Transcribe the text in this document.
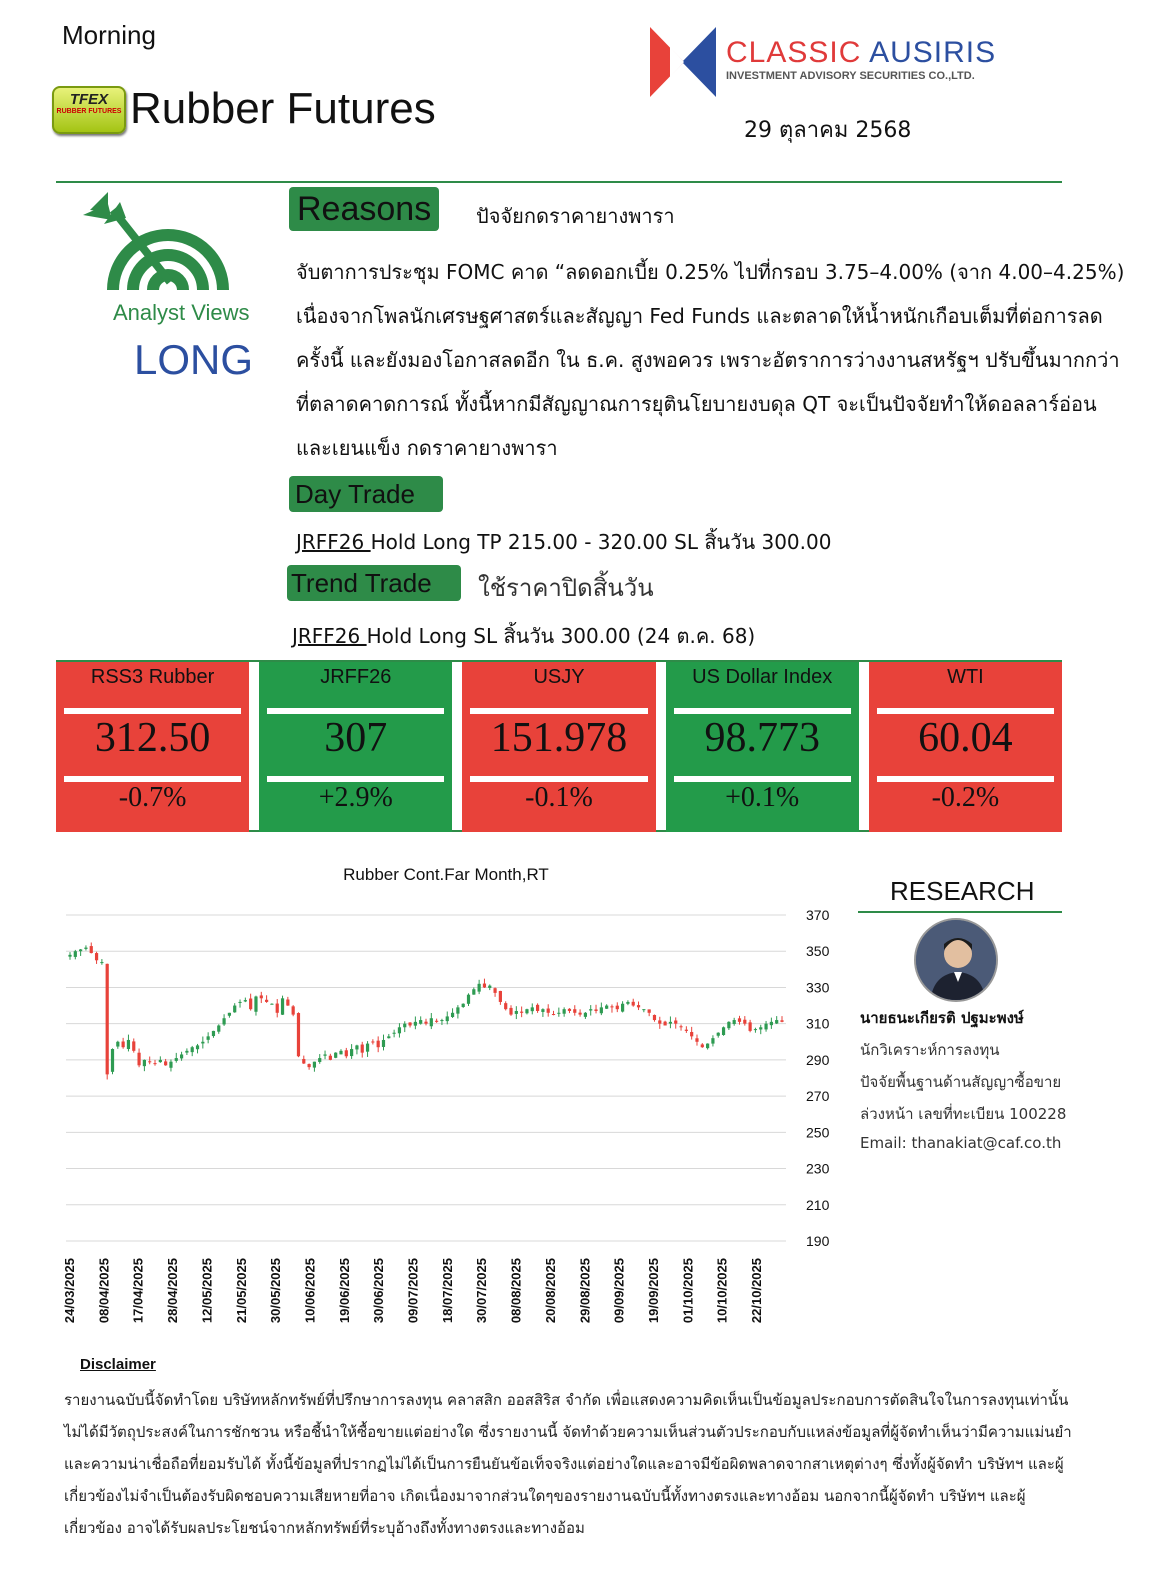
Morning
TFEX
RUBBER FUTURES Rubber Futures
CLASSIC AUSIRIS
INVESTMENT ADVISORY SECURITIES CO.,LTD.
29 ตุลาคม 2568
Analyst Views
LONG
Reasons	ปัจจัยกดราคายางพารา
จับตาการประชุม FOMC คาด “ลดดอกเบี้ย 0.25% ไปที่กรอบ 3.75–4.00% (จาก 4.00–4.25%) เนื่องจากโพลนักเศรษฐศาสตร์และสัญญา Fed Funds และตลาดให้น้ำหนักเกือบเต็มที่ต่อการลดครั้งนี้ และยังมองโอกาสลดอีก ใน ธ.ค. สูงพอควร เพราะอัตราการว่างงานสหรัฐฯ ปรับขึ้นมากกว่าที่ตลาดคาดการณ์ ทั้งนี้หากมีสัญญาณการยุตินโยบายงบดุล QT จะเป็นปัจจัยทำให้ดอลลาร์อ่อน และเยนแข็ง กดราคายางพารา
Day Trade
JRFF26 Hold Long TP 215.00 - 320.00 SL สิ้นวัน 300.00
Trend Trade	ใช้ราคาปิดสิ้นวัน
JRFF26 Hold Long SL สิ้นวัน 300.00 (24 ต.ค. 68)
RSS3 Rubber
312.50
-0.7%
JRFF26
307
+2.9%
USJY
151.978
-0.1%
US Dollar Index
98.773
+0.1%
WTI
60.04
-0.2%
Rubber Cont.Far Month,RT
370
350
330
310
290
270
250
230
210
190
24/03/2025 08/04/2025 17/04/2025 28/04/2025 12/05/2025 21/05/2025 30/05/2025 10/06/2025 19/06/2025 30/06/2025 09/07/2025 18/07/2025 30/07/2025 08/08/2025 20/08/2025 29/08/2025 09/09/2025 19/09/2025 01/10/2025 10/10/2025 22/10/2025
RESEARCH
นายธนะเกียรติ ปฐมะพงษ์
นักวิเคราะห์การลงทุน
ปัจจัยพื้นฐานด้านสัญญาซื้อขาย
ล่วงหน้า เลขที่ทะเบียน 100228
Email: thanakiat@caf.co.th
Disclaimer
รายงานฉบับนี้จัดทำโดย บริษัทหลักทรัพย์ที่ปรึกษาการลงทุน คลาสสิก ออสสิริส จำกัด เพื่อแสดงความคิดเห็นเป็นข้อมูลประกอบการตัดสินใจในการลงทุนเท่านั้น ไม่ได้มีวัตถุประสงค์ในการชักชวน หรือชี้นำให้ซื้อขายแต่อย่างใด ซึ่งรายงานนี้ จัดทำด้วยความเห็นส่วนตัวประกอบกับแหล่งข้อมูลที่ผู้จัดทำเห็นว่ามีความแม่นยำและความน่าเชื่อถือที่ยอมรับได้ ทั้งนี้ข้อมูลที่ปรากฏไม่ได้เป็นการยืนยันข้อเท็จจริงแต่อย่างใดและอาจมีข้อผิดพลาดจากสาเหตุต่างๆ ซึ่งทั้งผู้จัดทำ บริษัทฯ และผู้เกี่ยวข้องไม่จำเป็นต้องรับผิดชอบความเสียหายที่อาจ เกิดเนื่องมาจากส่วนใดๆของรายงานฉบับนี้ทั้งทางตรงและทางอ้อม นอกจากนี้ผู้จัดทำ บริษัทฯ และผู้เกี่ยวข้อง อาจได้รับผลประโยชน์จากหลักทรัพย์ที่ระบุอ้างถึงทั้งทางตรงและทางอ้อม
